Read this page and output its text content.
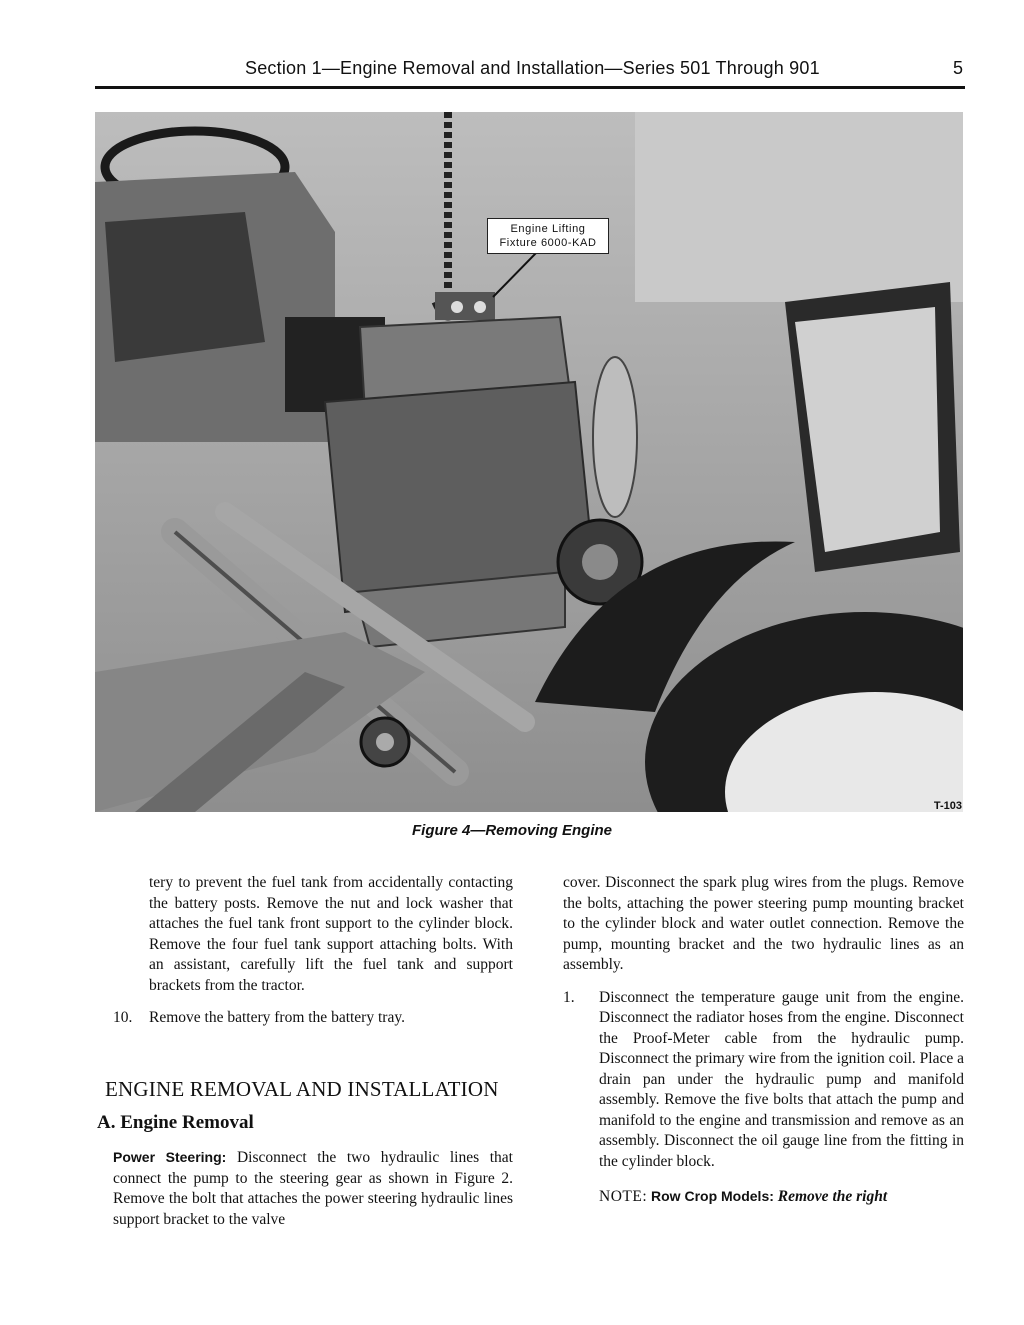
Section 1—Engine Removal and Installation—Series 501 Through 901	5
Engine Lifting
Fixture 6000-KAD
T-103
Figure 4—Removing Engine

tery to prevent the fuel tank from accidentally contacting the battery posts. Remove the nut and lock washer that attaches the fuel tank front support to the cylinder block. Remove the four fuel tank support attaching bolts. With an assistant, carefully lift the fuel tank and support brackets from the tractor.

10. Remove the battery from the battery tray.

ENGINE REMOVAL AND INSTALLATION
A. Engine Removal

Power Steering: Disconnect the two hydraulic lines that connect the pump to the steering gear as shown in Figure 2. Remove the bolt that attaches the power steering hydraulic lines support bracket to the valve

cover. Disconnect the spark plug wires from the plugs. Remove the bolts, attaching the power steering pump mounting bracket to the cylinder block and water outlet connection. Remove the pump, mounting bracket and the two hydraulic lines as an assembly.

1. Disconnect the temperature gauge unit from the engine. Disconnect the radiator hoses from the engine. Disconnect the Proof-Meter cable from the hydraulic pump. Disconnect the primary wire from the ignition coil. Place a drain pan under the hydraulic pump and manifold assembly. Remove the five bolts that attach the pump and manifold to the engine and transmission and remove as an assembly. Disconnect the oil gauge line from the fitting in the cylinder block.

NOTE: Row Crop Models: Remove the right
